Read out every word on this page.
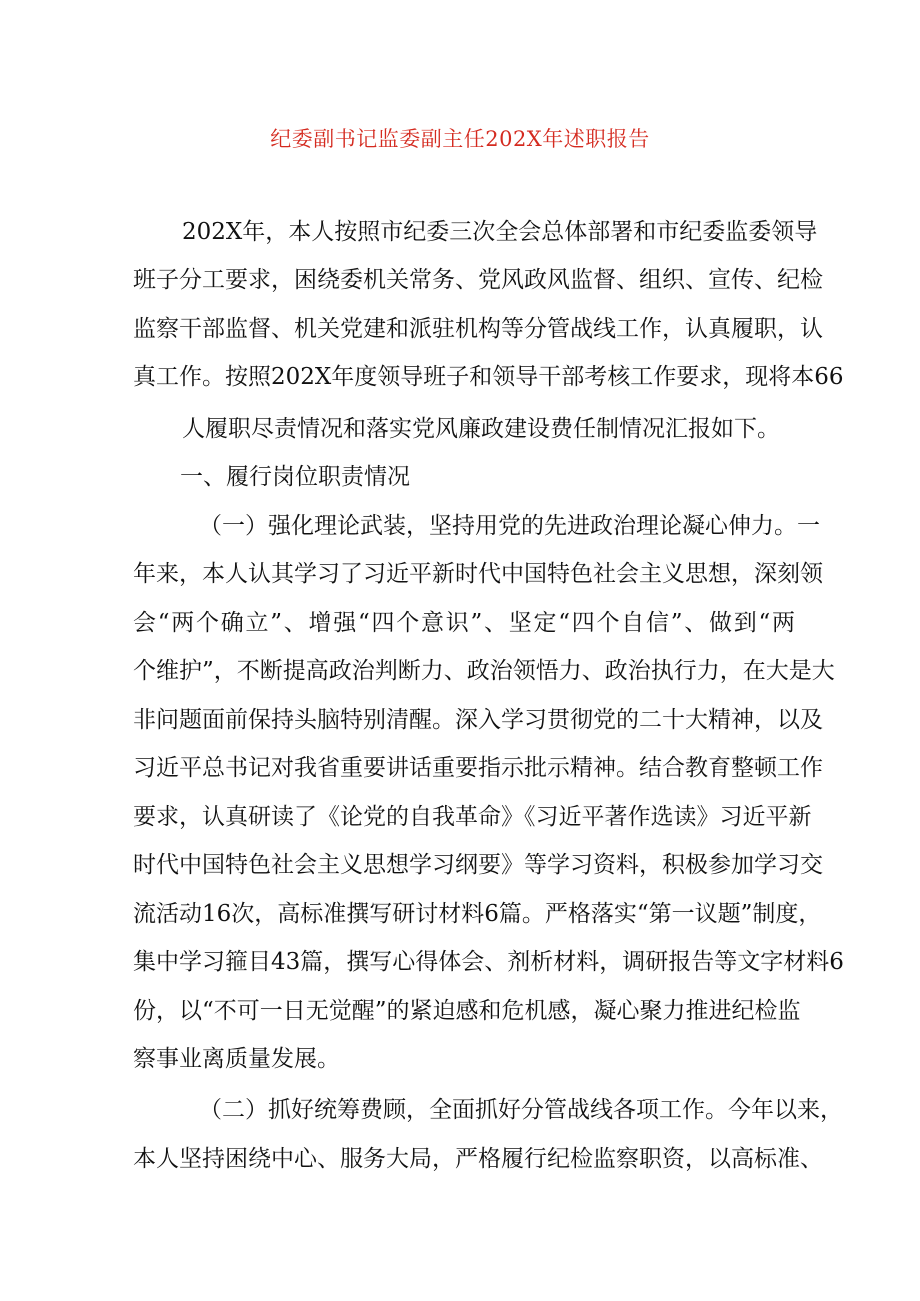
纪委副书记监委副主任202X年述职报告
202X年，本人按照市纪委三次全会总体部署和市纪委监委领导
班子分工要求，困绕委机关常务、党风政风监督、组织、宣传、纪检
监察干部监督、机关党建和派驻机构等分管战线工作，认真履职，认
真工作。按照202X年度领导班子和领导干部考核工作要求，现将本66
人履职尽责情况和落实党风廉政建设费任制情况汇报如下。
一、履行岗位职责情况
（一）强化理论武装，坚持用党的先进政治理论凝心伸力。一
年来，本人认其学习了习近平新时代中国特色社会主义思想，深刻领
会“两个确立”、增强“四个意识”、坚定“四个自信”、做到“两
个维护”，不断提高政治判断力、政治领悟力、政治执行力，在大是大
非问题面前保持头脑特别清醒。深入学习贯彻党的二十大精神，以及
习近平总书记对我省重要讲话重要指示批示精神。结合教育整顿工作
要求，认真研读了《论党的自我革命》《习近平著作选读》习近平新
时代中国特色社会主义思想学习纲要》等学习资料，积极参加学习交
流活动16次，高标准撰写研讨材料6篇。严格落实“第一议题”制度，
集中学习箍目43篇，撰写心得体会、剂析材料，调研报告等文字材料6
份，以“不可一日无觉醒”的紧迫感和危机感，凝心聚力推进纪检监
察事业离质量发展。
（二）抓好统筹费顾，全面抓好分管战线各项工作。今年以来，
本人坚持困绕中心、服务大局，严格履行纪检监察职资，以高标准、
